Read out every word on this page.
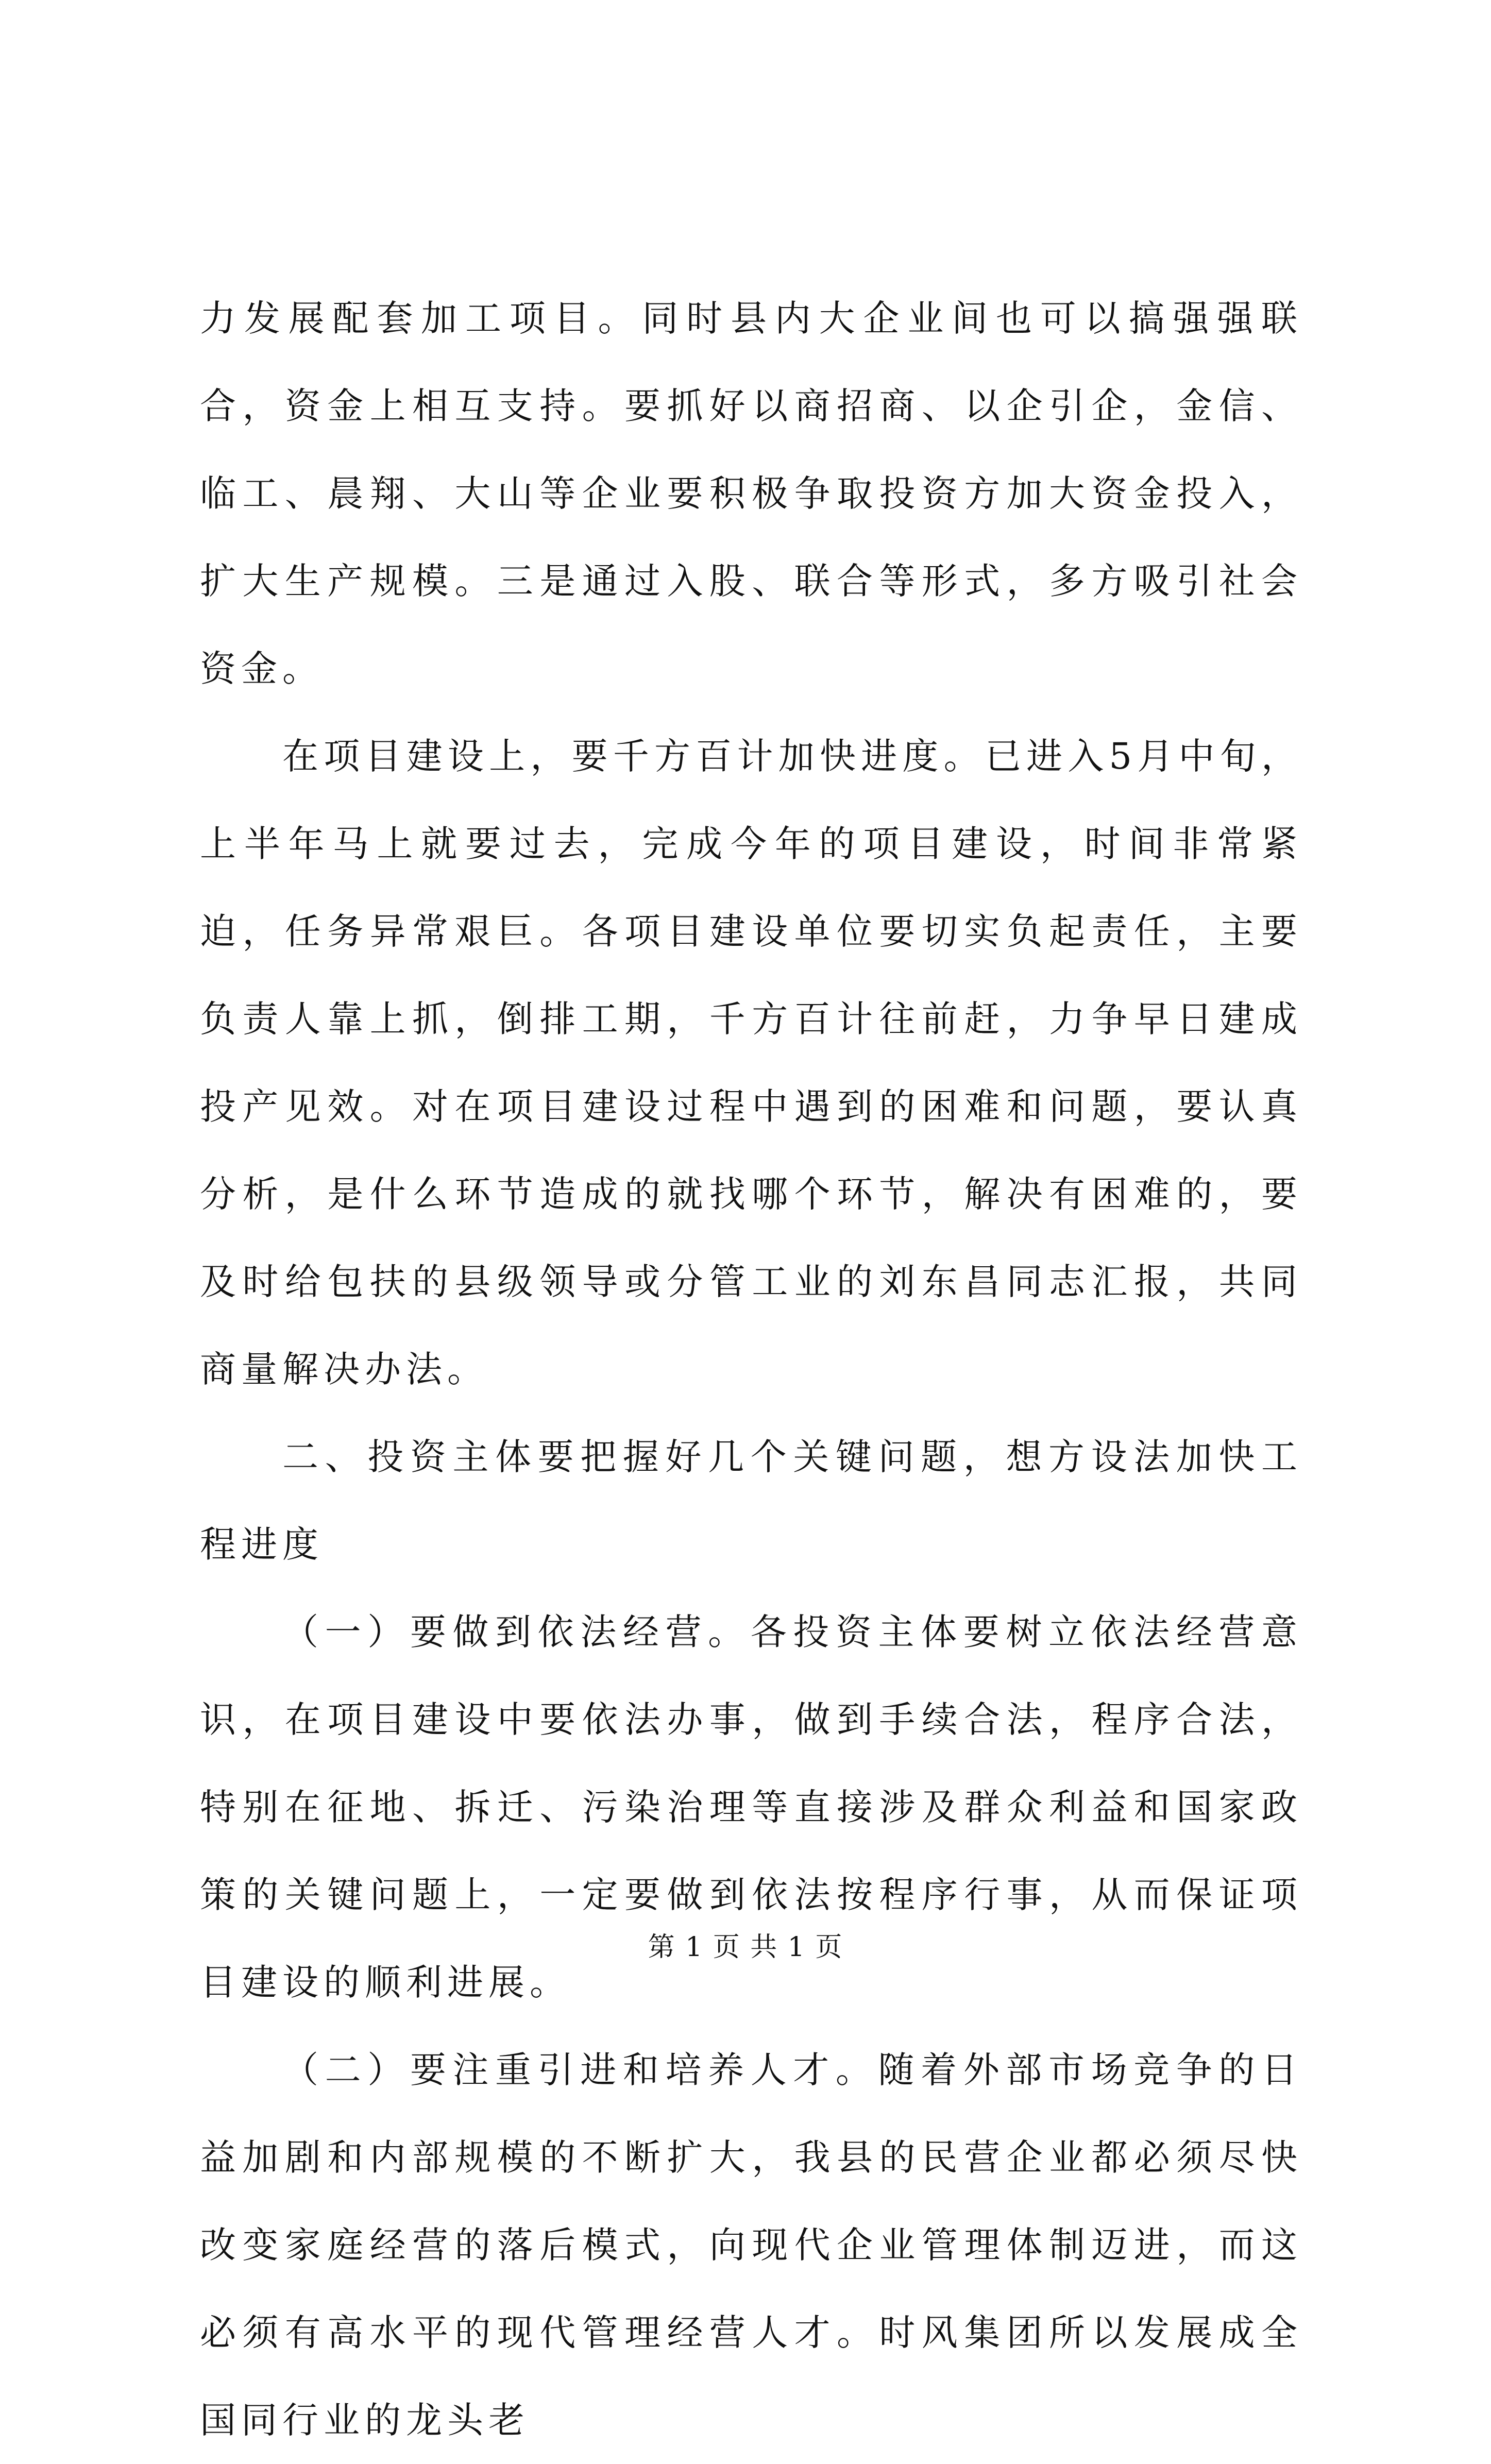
力发展配套加工项目。同时县内大企业间也可以搞强强联合，资金上相互支持。要抓好以商招商、以企引企，金信、临工、晨翔、大山等企业要积极争取投资方加大资金投入，扩大生产规模。三是通过入股、联合等形式，多方吸引社会资金。

在项目建设上，要千方百计加快进度。已进入5月中旬，上半年马上就要过去，完成今年的项目建设，时间非常紧迫，任务异常艰巨。各项目建设单位要切实负起责任，主要负责人靠上抓，倒排工期，千方百计往前赶，力争早日建成投产见效。对在项目建设过程中遇到的困难和问题，要认真分析，是什么环节造成的就找哪个环节，解决有困难的，要及时给包扶的县级领导或分管工业的刘东昌同志汇报，共同商量解决办法。

二、投资主体要把握好几个关键问题，想方设法加快工程进度

（一）要做到依法经营。各投资主体要树立依法经营意识，在项目建设中要依法办事，做到手续合法，程序合法，特别在征地、拆迁、污染治理等直接涉及群众利益和国家政策的关键问题上，一定要做到依法按程序行事，从而保证项目建设的顺利进展。

（二）要注重引进和培养人才。随着外部市场竞争的日益加剧和内部规模的不断扩大，我县的民营企业都必须尽快改变家庭经营的落后模式，向现代企业管理体制迈进，而这必须有高水平的现代管理经营人才。时风集团所以发展成全国同行业的龙头老

第 1 页 共 1 页
